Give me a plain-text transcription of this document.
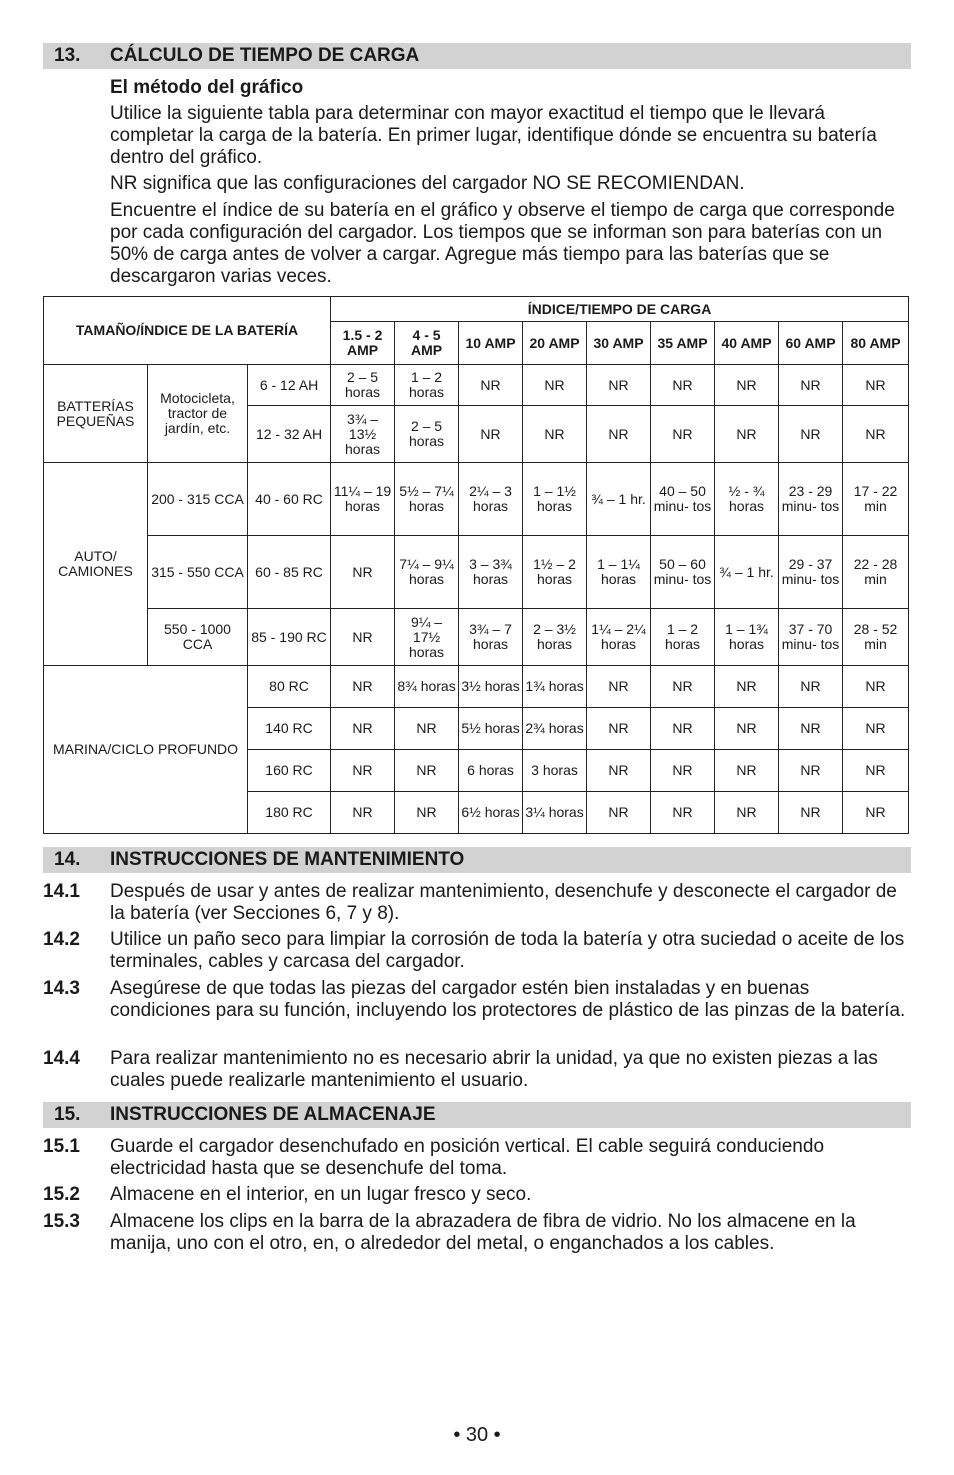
13. CÁLCULO DE TIEMPO DE CARGA
El método del gráfico
Utilice la siguiente tabla para determinar con mayor exactitud el tiempo que le llevará completar la carga de la batería. En primer lugar, identifique dónde se encuentra su batería dentro del gráfico.
NR significa que las configuraciones del cargador NO SE RECOMIENDAN.
Encuentre el índice de su batería en el gráfico y observe el tiempo de carga que corresponde por cada configuración del cargador. Los tiempos que se informan son para baterías con un 50% de carga antes de volver a cargar. Agregue más tiempo para las baterías que se descargaron varias veces.
TAMAÑO/ÍNDICE DE LA BATERÍA			ÍNDICE/TIEMPO DE CARGA								
			1.5 - 2 AMP	4 - 5 AMP	10 AMP	20 AMP	30 AMP	35 AMP	40 AMP	60 AMP	80 AMP
BATTERÍAS PEQUEÑAS	Motocicleta, tractor de jardín, etc.	6 - 12 AH	2 – 5 horas	1 – 2 horas	NR	NR	NR	NR	NR	NR	NR
		12 - 32 AH	3¾ – 13½ horas	2 – 5 horas	NR	NR	NR	NR	NR	NR	NR
AUTO/ CAMIONES	200 - 315 CCA	40 - 60 RC	11¼ – 19 horas	5½ – 7¼ horas	2¼ – 3 horas	1 – 1½ horas	¾ – 1 hr.	40 – 50 minu- tos	½ - ¾ horas	23 - 29 minu- tos	17 - 22 min
	315 - 550 CCA	60 - 85 RC	NR	7¼ – 9¼ horas	3 – 3¾ horas	1½ – 2 horas	1 – 1¼ horas	50 – 60 minu- tos	¾ – 1 hr.	29 - 37 minu- tos	22 - 28 min
	550 - 1000 CCA	85 - 190 RC	NR	9¼ – 17½ horas	3¾ – 7 horas	2 – 3½ horas	1¼ – 2¼ horas	1 – 2 horas	1 – 1¾ horas	37 - 70 minu- tos	28 - 52 min
MARINA/CICLO PROFUNDO		80 RC	NR	8¾ horas	3½ horas	1¾ horas	NR	NR	NR	NR	NR
		140 RC	NR	NR	5½ horas	2¾ horas	NR	NR	NR	NR	NR
		160 RC	NR	NR	6 horas	3 horas	NR	NR	NR	NR	NR
		180 RC	NR	NR	6½ horas	3¼ horas	NR	NR	NR	NR	NR
14. INSTRUCCIONES DE MANTENIMIENTO
14.1 Después de usar y antes de realizar mantenimiento, desenchufe y desconecte el cargador de la batería (ver Secciones 6, 7 y 8).
14.2 Utilice un paño seco para limpiar la corrosión de toda la batería y otra suciedad o aceite de los terminales, cables y carcasa del cargador.
14.3 Asegúrese de que todas las piezas del cargador estén bien instaladas y en buenas condiciones para su función, incluyendo los protectores de plástico de las pinzas de la batería.
14.4 Para realizar mantenimiento no es necesario abrir la unidad, ya que no existen piezas a las cuales puede realizarle mantenimiento el usuario.
15. INSTRUCCIONES DE ALMACENAJE
15.1 Guarde el cargador desenchufado en posición vertical. El cable seguirá conduciendo electricidad hasta que se desenchufe del toma.
15.2 Almacene en el interior, en un lugar fresco y seco.
15.3 Almacene los clips en la barra de la abrazadera de fibra de vidrio. No los almacene en la manija, uno con el otro, en, o alrededor del metal, o enganchados a los cables.
• 30 •
